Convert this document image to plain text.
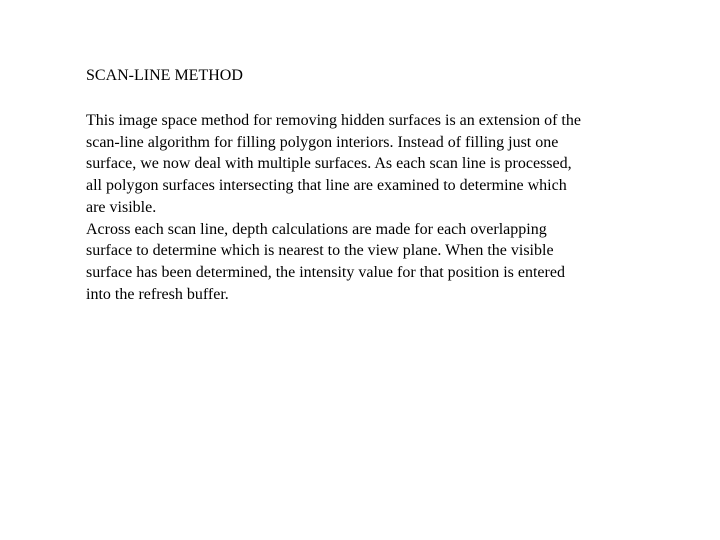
SCAN-LINE METHOD
This image space method for removing hidden surfaces is an extension of the
scan-line algorithm for filling polygon interiors. Instead of filling just one
surface, we now deal with multiple surfaces. As each scan line is processed,
all polygon surfaces intersecting that line are examined to determine which
are visible.
Across each scan line, depth calculations are made for each overlapping
surface to determine which is nearest to the view plane. When the visible
surface has been determined, the intensity value for that position is entered
into the refresh buffer.
